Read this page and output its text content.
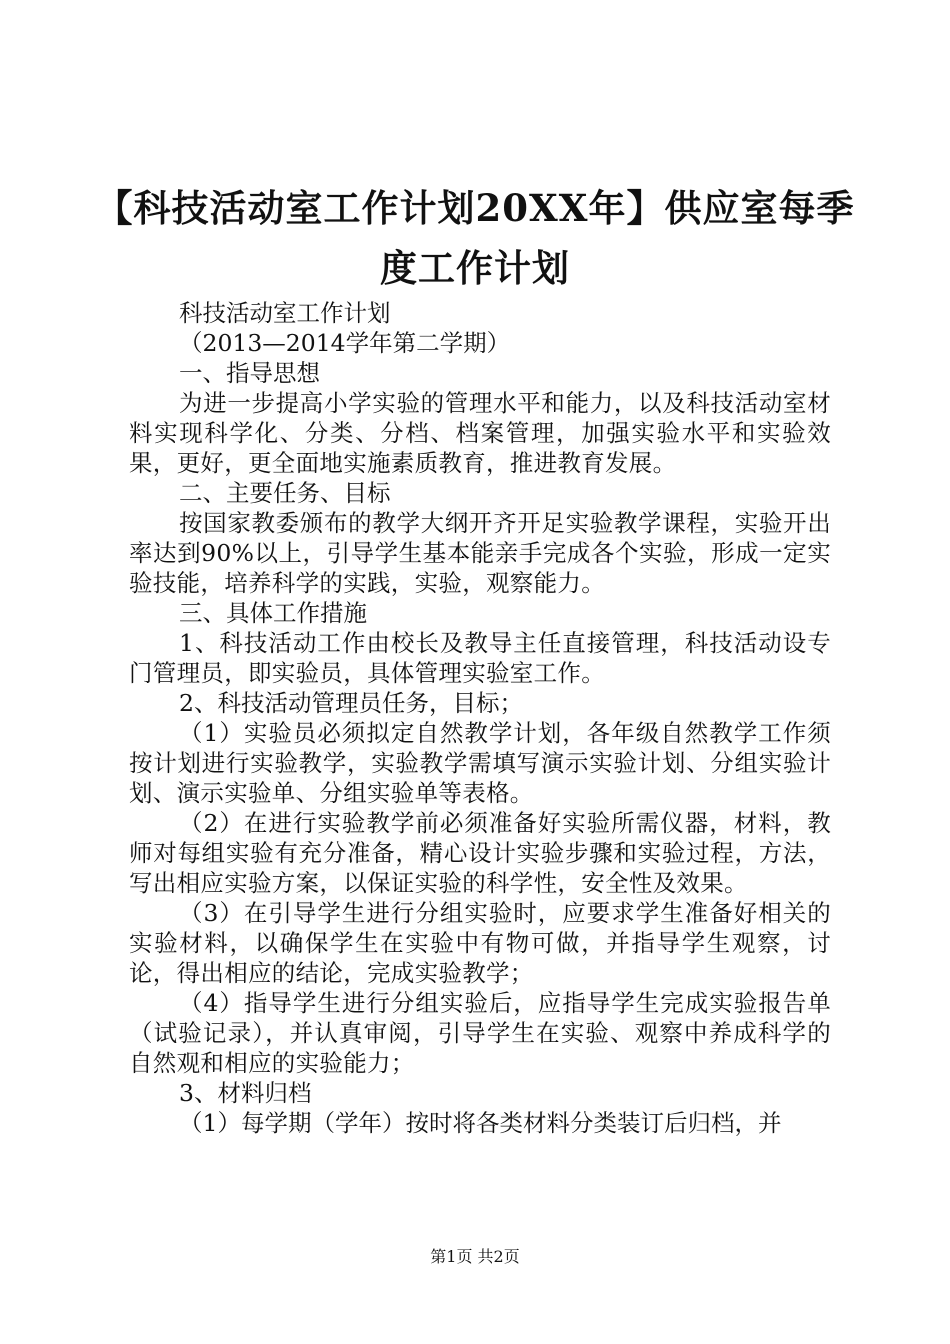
【科技活动室工作计划20XX年】供应室每季
度工作计划

科技活动室工作计划

（2013—2014学年第二学期）

一、指导思想

为进一步提高小学实验的管理水平和能力，以及科技活动室材料实现科学化、分类、分档、档案管理，加强实验水平和实验效果，更好，更全面地实施素质教育，推进教育发展。

二、主要任务、目标

按国家教委颁布的教学大纲开齐开足实验教学课程，实验开出率达到90%以上，引导学生基本能亲手完成各个实验，形成一定实验技能，培养科学的实践，实验，观察能力。

三、具体工作措施

1、科技活动工作由校长及教导主任直接管理，科技活动设专门管理员，即实验员，具体管理实验室工作。

2、科技活动管理员任务，目标；

（1）实验员必须拟定自然教学计划，各年级自然教学工作须按计划进行实验教学，实验教学需填写演示实验计划、分组实验计划、演示实验单、分组实验单等表格。

（2）在进行实验教学前必须准备好实验所需仪器，材料，教师对每组实验有充分准备，精心设计实验步骤和实验过程，方法，写出相应实验方案，以保证实验的科学性，安全性及效果。

（3）在引导学生进行分组实验时，应要求学生准备好相关的实验材料，以确保学生在实验中有物可做，并指导学生观察，讨论，得出相应的结论，完成实验教学；

（4）指导学生进行分组实验后，应指导学生完成实验报告单（试验记录），并认真审阅，引导学生在实验、观察中养成科学的自然观和相应的实验能力；

3、材料归档

（1）每学期（学年）按时将各类材料分类装订后归档，并

第1页 共2页
